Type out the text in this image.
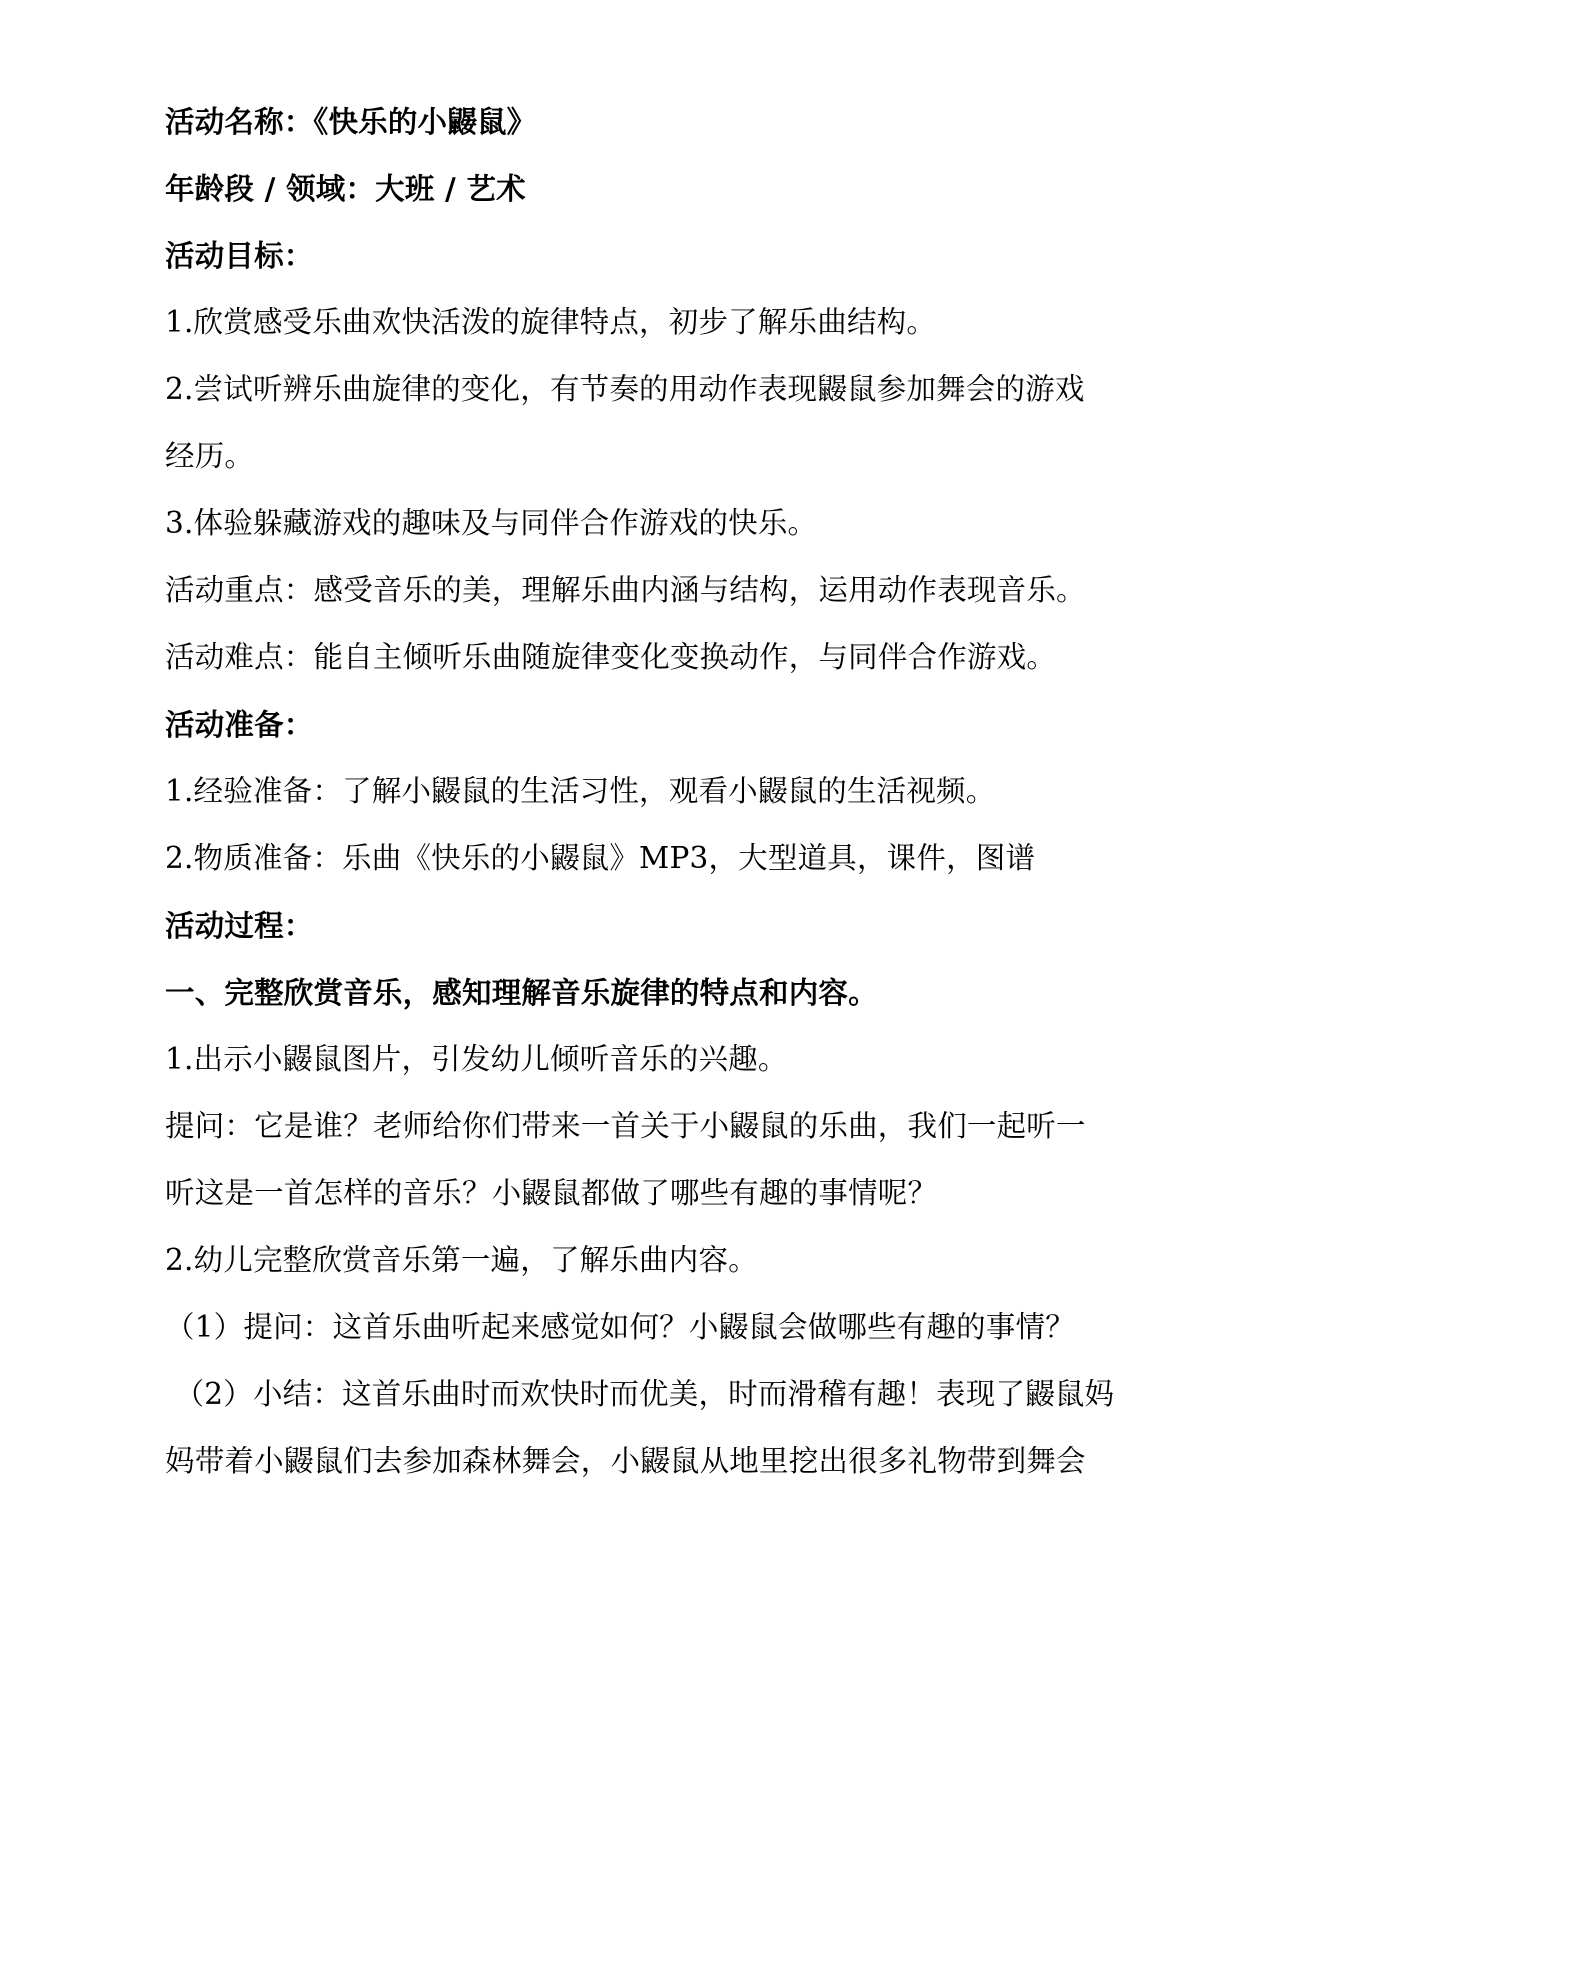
活动名称：《快乐的小鼹鼠》
年龄段 / 领域：大班 / 艺术
活动目标：
1.欣赏感受乐曲欢快活泼的旋律特点，初步了解乐曲结构。
2.尝试听辨乐曲旋律的变化，有节奏的用动作表现鼹鼠参加舞会的游戏
经历。
3.体验躲藏游戏的趣味及与同伴合作游戏的快乐。
活动重点：感受音乐的美，理解乐曲内涵与结构，运用动作表现音乐。
活动难点：能自主倾听乐曲随旋律变化变换动作，与同伴合作游戏。
活动准备：
1.经验准备：了解小鼹鼠的生活习性，观看小鼹鼠的生活视频。
2.物质准备：乐曲《快乐的小鼹鼠》MP3，大型道具，课件，图谱
活动过程：
一、完整欣赏音乐，感知理解音乐旋律的特点和内容。
1.出示小鼹鼠图片，引发幼儿倾听音乐的兴趣。
提问：它是谁？老师给你们带来一首关于小鼹鼠的乐曲，我们一起听一
听这是一首怎样的音乐？小鼹鼠都做了哪些有趣的事情呢？
2.幼儿完整欣赏音乐第一遍，了解乐曲内容。
（1）提问：这首乐曲听起来感觉如何？小鼹鼠会做哪些有趣的事情？
（2）小结：这首乐曲时而欢快时而优美，时而滑稽有趣！表现了鼹鼠妈
妈带着小鼹鼠们去参加森林舞会，小鼹鼠从地里挖出很多礼物带到舞会
